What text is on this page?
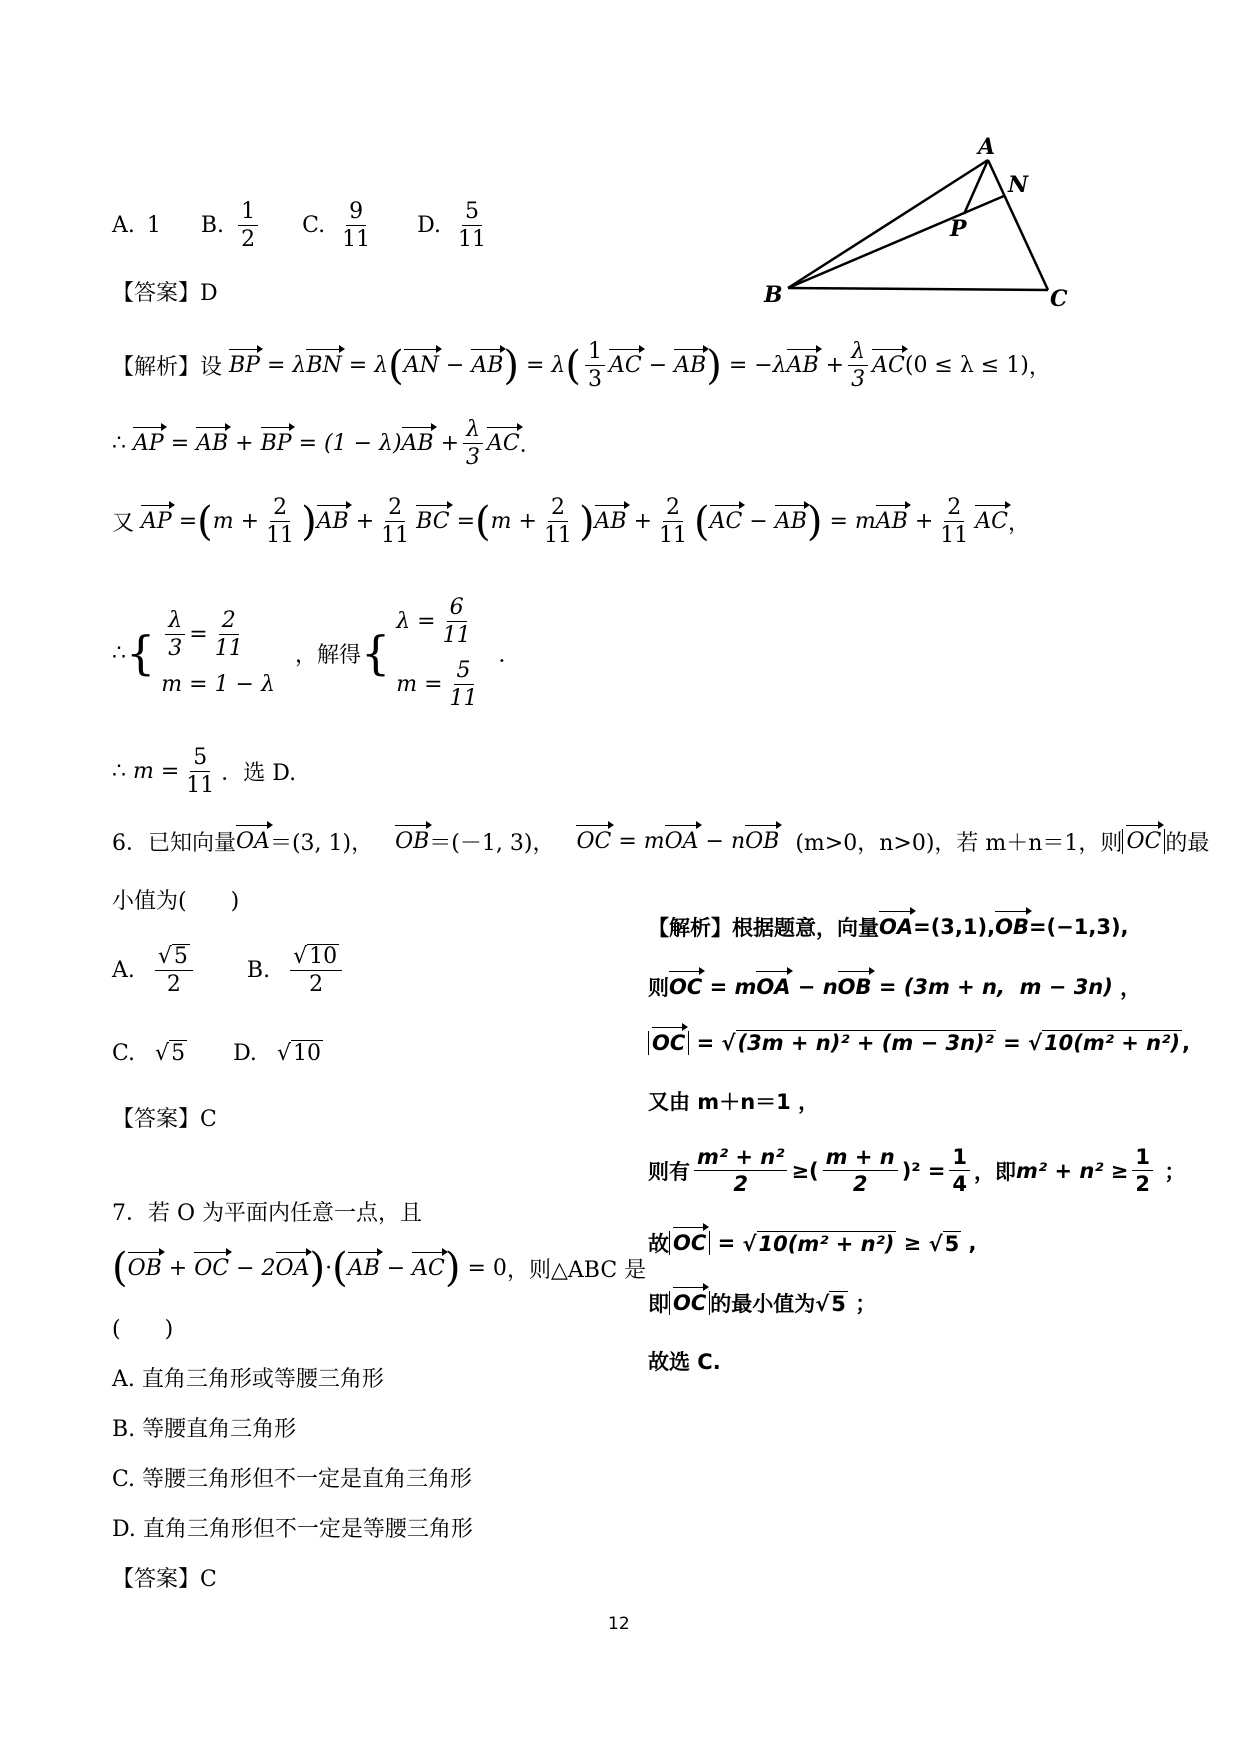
A. 1 B. $\frac{1}{2} C$. $\frac{9}{11} D$. $\frac{5}{11}$
A
B	C
N
P
【答案】D
【解析】设 BP = λBN = λ ( AN − AB ) = λ ( $\frac{1}{3}$ AC − AB ) = $-\lambda AB + \frac{\lambda}{3}$ AC (0 ≤ λ ≤ 1) ，
∴ AP = AB + BP = $(1 - \lambda)AB + \frac{\lambda}{3}$ AC ．
又 AP = ( $m + \frac{2}{11}$ ) AB + $\frac{2}{11}$ BC = ( $m + \frac{2}{11}$ ) AB + $\frac{2}{11}$ ( AC − AB ) = mAB + $\frac{2}{11}$ AC ，
∴ { $\frac{\lambda}{3} = \frac{2}{11}$
m = 1 − λ
，解得 {
$\lambda = \frac{6}{11}$
$m = \frac{5}{11}$
．
∴ $m = \frac{5}{11}$ ．选 D.
6．已知向量 OA ＝(3, 1)， OB ＝(－1, 3)， OC = mOA − nOB (m>0，n>0)，若 m＋n＝1，则 OC 的最
小值为(　　)
A. $\frac{√ 5}{2} B$. $\frac{√ 10}{2}$
C. √ 5 D. √ 10
【答案】C
【解析】根据题意，向量 OA =(3,1), OB =(−1,3),
则 OC = mOA − nOB = (3m + n,  m − 3n) ，
OC = √ (3m + n)² + (m − 3n)² = √ 10(m² + n²) ,
又由 m＋n＝1 ，
则有 $\frac{\text{m² + n²}}{2}$ ≥( $\frac{m + n}{2} )^2 = \frac{1}{4}$ ，即 $m^2 + n^2 \ge \frac{1}{2}$ ；
故 OC = √ 10(m² + n²) ≥ √ 5 ,
即 OC 的最小值为 √ 5 ；
故选 C.
7．若 O 为平面内任意一点，且
( OB + OC − 2OA ) · ( AB − AC ) = 0 ，则△ABC 是
(　　)
A. 直角三角形或等腰三角形
B. 等腰直角三角形
C. 等腰三角形但不一定是直角三角形
D. 直角三角形但不一定是等腰三角形
【答案】C
12
